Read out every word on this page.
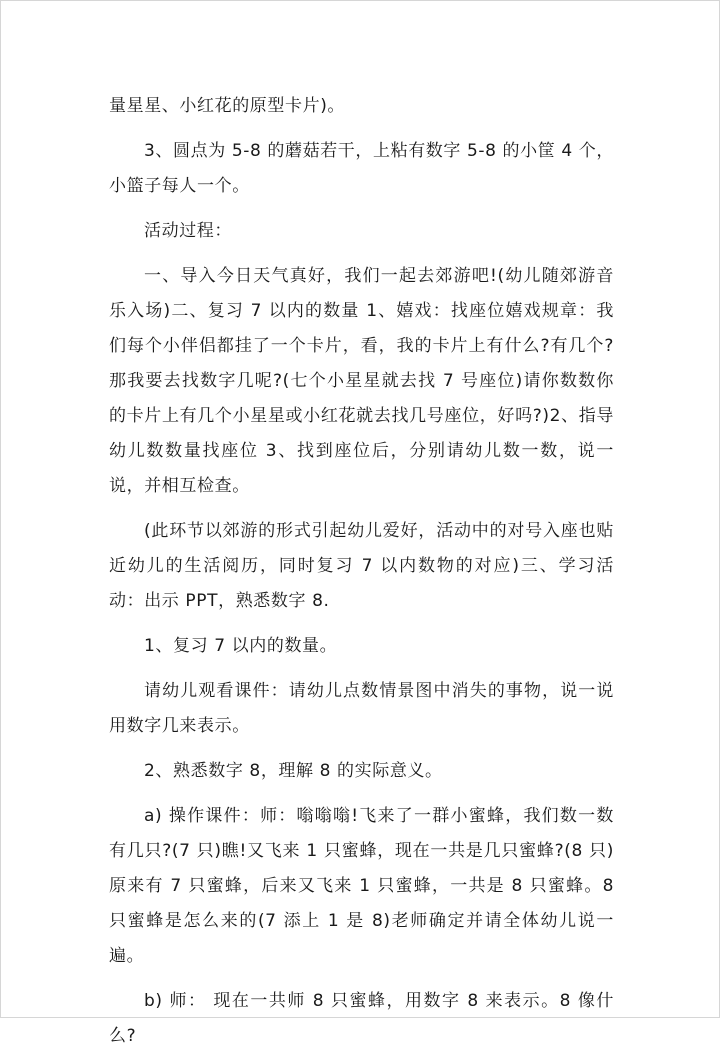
量星星、小红花的原型卡片)。

3、圆点为 5-8 的蘑菇若干，上粘有数字 5-8 的小筐 4 个，小篮子每人一个。

活动过程：

一、导入今日天气真好，我们一起去郊游吧!(幼儿随郊游音乐入场)二、复习 7 以内的数量 1、嬉戏：找座位嬉戏规章：我们每个小伴侣都挂了一个卡片，看，我的卡片上有什么?有几个?那我要去找数字几呢?(七个小星星就去找 7 号座位)请你数数你的卡片上有几个小星星或小红花就去找几号座位，好吗?)2、指导幼儿数数量找座位 3、找到座位后，分别请幼儿数一数，说一说，并相互检查。

(此环节以郊游的形式引起幼儿爱好，活动中的对号入座也贴近幼儿的生活阅历，同时复习 7 以内数物的对应)三、学习活动：出示 PPT，熟悉数字 8.

1、复习 7 以内的数量。

请幼儿观看课件：请幼儿点数情景图中消失的事物，说一说用数字几来表示。

2、熟悉数字 8，理解 8 的实际意义。

a) 操作课件：师：嗡嗡嗡!飞来了一群小蜜蜂，我们数一数有几只?(7 只)瞧!又飞来 1 只蜜蜂，现在一共是几只蜜蜂?(8 只)原来有 7 只蜜蜂，后来又飞来 1 只蜜蜂，一共是 8 只蜜蜂。8 只蜜蜂是怎么来的(7 添上 1 是 8)老师确定并请全体幼儿说一遍。

b) 师： 现在一共师 8 只蜜蜂，用数字 8 来表示。8 像什么?
